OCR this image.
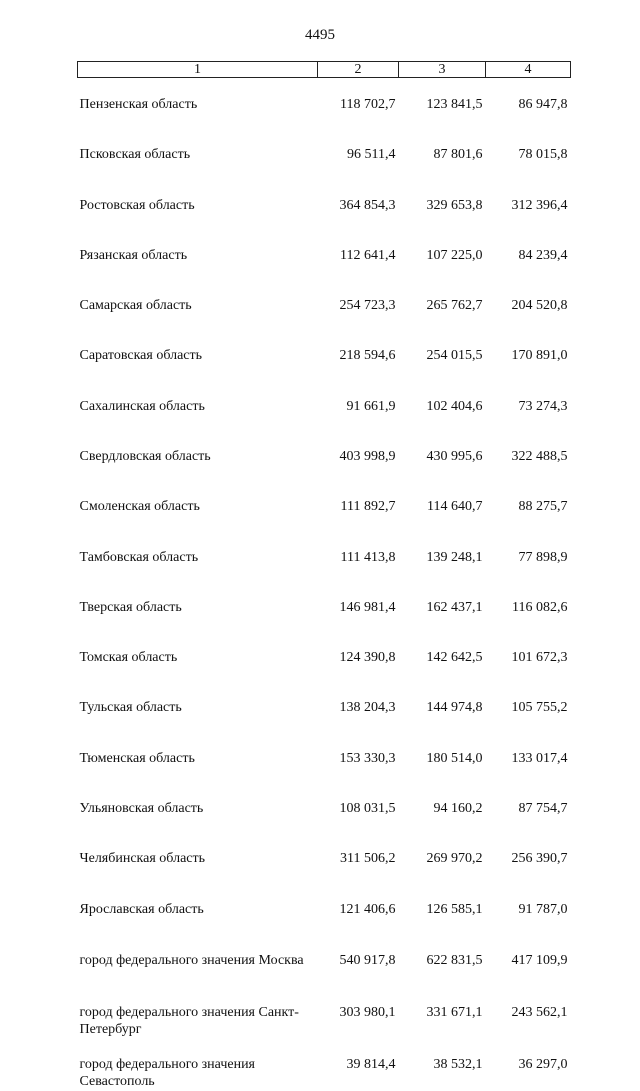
4495
1	2	3	4
Пензенская область	118 702,7	123 841,5	86 947,8
Псковская область	96 511,4	87 801,6	78 015,8
Ростовская область	364 854,3	329 653,8	312 396,4
Рязанская область	112 641,4	107 225,0	84 239,4
Самарская область	254 723,3	265 762,7	204 520,8
Саратовская область	218 594,6	254 015,5	170 891,0
Сахалинская область	91 661,9	102 404,6	73 274,3
Свердловская область	403 998,9	430 995,6	322 488,5
Смоленская область	111 892,7	114 640,7	88 275,7
Тамбовская область	111 413,8	139 248,1	77 898,9
Тверская область	146 981,4	162 437,1	116 082,6
Томская область	124 390,8	142 642,5	101 672,3
Тульская область	138 204,3	144 974,8	105 755,2
Тюменская область	153 330,3	180 514,0	133 017,4
Ульяновская область	108 031,5	94 160,2	87 754,7
Челябинская область	311 506,2	269 970,2	256 390,7
Ярославская область	121 406,6	126 585,1	91 787,0
город федерального значения Москва	540 917,8	622 831,5	417 109,9
город федерального значения Санкт-Петербург	303 980,1	331 671,1	243 562,1
город федерального значения Севастополь	39 814,4	38 532,1	36 297,0
